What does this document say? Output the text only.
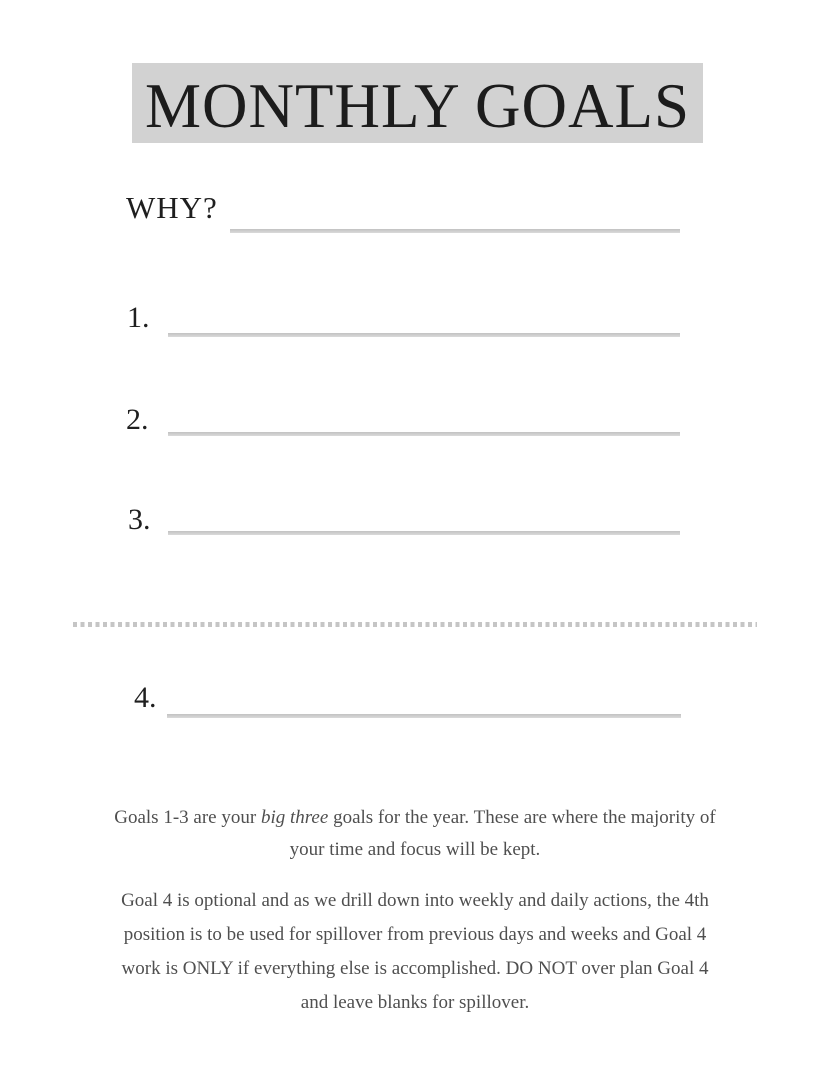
MONTHLY GOALS
WHY?
1.
2.
3.
4.
Goals 1-3 are your big three goals for the year. These are where the majority of
your time and focus will be kept.
Goal 4 is optional and as we drill down into weekly and daily actions, the 4th
position is to be used for spillover from previous days and weeks and Goal 4
work is ONLY if everything else is accomplished. DO NOT over plan Goal 4
and leave blanks for spillover.
